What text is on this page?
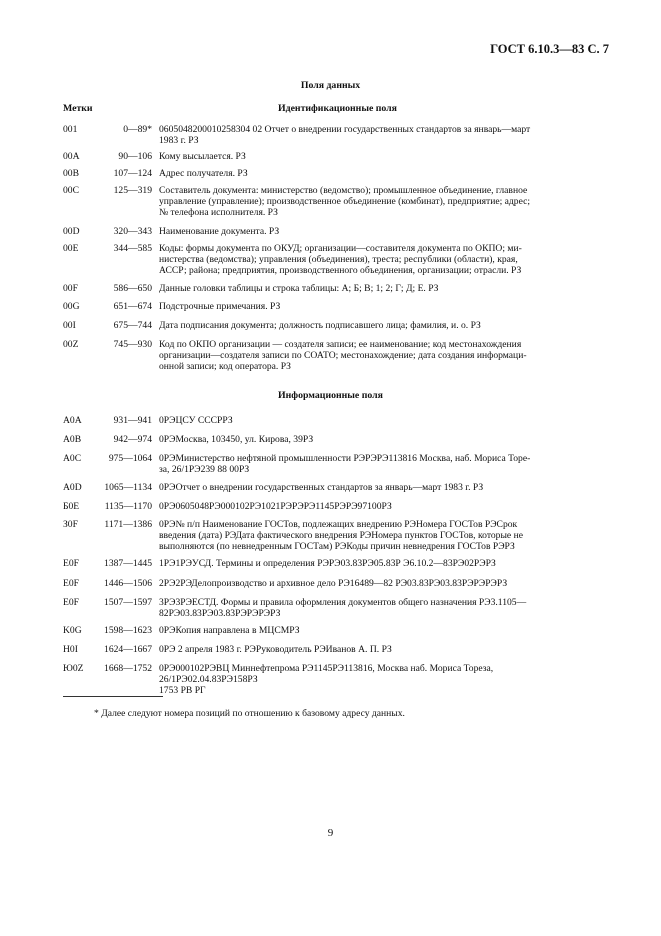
ГОСТ 6.10.3—83 С. 7
Поля данных
Метки	Идентификационные поля
001	0—89* 0605048200010258304 02 Отчет о внедрении государственных стандартов за январь—март
1983 г. РЗ
00A	90—106 Кому высылается. РЗ
00B	107—124 Адрес получателя. РЗ
00C	125—319 Составитель документа: министерство (ведомство); промышленное объединение, главное
управление (управление); производственное объединение (комбинат), предприятие; адрес;
№ телефона исполнителя. РЗ
00D	320—343 Наименование документа. РЗ
00E	344—585 Коды: формы документа по ОКУД; организации—составителя документа по ОКПО; ми-
нистерства (ведомства); управления (объединения), треста; республики (области), края,
АССР; района; предприятия, производственного объединения, организации; отрасли. РЗ
00F	586—650 Данные головки таблицы и строка таблицы: А; Б; В; 1; 2; Г; Д; Е. РЗ
00G	651—674 Подстрочные примечания. РЗ
00I	675—744 Дата подписания документа; должность подписавшего лица; фамилия, и. о. РЗ
00Z	745—930 Код по ОКПО организации — создателя записи; ее наименование; код местонахождения
организации—создателя записи по СОАТО; местонахождение; дата создания информаци-
онной записи; код оператора. РЗ
Информационные поля
A0A	931—941 0РЭЦСУ СССРРЗ
A0B	942—974 0РЭМосква, 103450, ул. Кирова, 39РЗ
A0C	975—1064 0РЭМинистерство нефтяной промышленности РЭРЭРЭ113816 Москва, наб. Мориса Торе-
за, 26/1РЭ239 88 00РЗ
A0D	1065—1134 0РЭОтчет о внедрении государственных стандартов за январь—март 1983 г. РЗ
Б0Е	1135—1170 0РЭ0605048РЭ000102РЭ1021РЭРЭРЭ1145РЭРЭ97100РЗ
З0F	1171—1386 0РЭ№ п/п Наименование ГОСТов, подлежащих внедрению РЭНомера ГОСТов РЭСрок
введения (дата) РЭДата фактического внедрения РЭНомера пунктов ГОСТов, которые не
выполняются (по невнедренным ГОСТам) РЭКоды причин невнедрения ГОСТов РЭРЗ
E0F	1387—1445 1РЭ1РЭУСД. Термины и определения РЭРЭ03.83РЭ05.83Р Э6.10.2—83РЭ02РЭРЗ
E0F	1446—1506 2РЭ2РЭДелопроизводство и архивное дело РЭ16489—82 РЭ03.83РЭ03.83РЭРЭРЭРЗ
E0F	1507—1597 3РЭ3РЭЕСТД. Формы и правила оформления документов общего назначения РЭ3.1105—
82РЭ03.83РЭ03.83РЭРЭРЭРЗ
K0G	1598—1623 0РЭКопия направлена в МЦСМРЗ
H0I	1624—1667 0РЭ 2 апреля 1983 г. РЭРуководитель РЭИванов А. П. РЗ
Ю0Z	1668—1752 0РЭ000102РЭВЦ Миннефтепрома РЭ1145РЭ113816, Москва наб. Мориса Тореза,
26/1РЭ02.04.83РЭ158РЗ
1753 РВ РГ
* Далее следуют номера позиций по отношению к базовому адресу данных.
9
